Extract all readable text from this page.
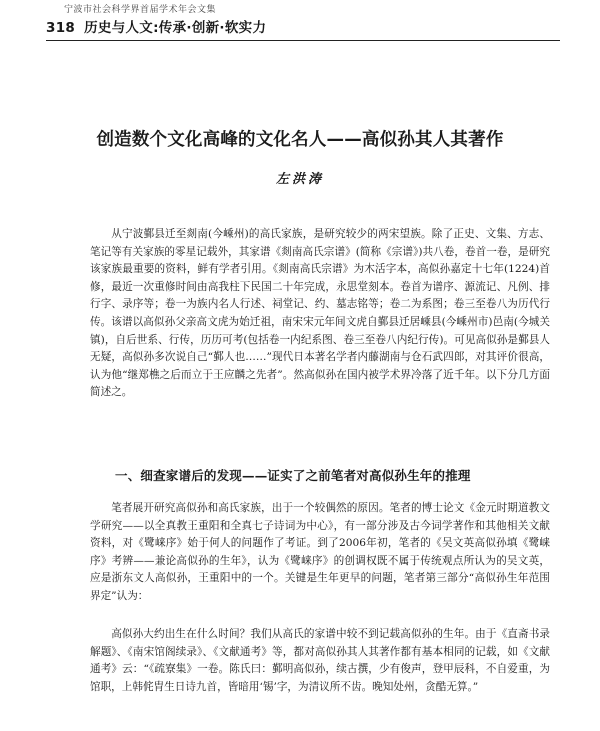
宁波市社会科学界首届学术年会文集
318 历史与人文:传承·创新·软实力
创造数个文化高峰的文化名人——高似孙其人其著作
左洪涛

从宁波鄞县迁至剡南(今嵊州)的高氏家族，是研究较少的两宋望族。除了正史、文集、方志、笔记等有关家族的零星记载外，其家谱《剡南高氏宗谱》(简称《宗谱》)共八卷，卷首一卷，是研究该家族最重要的资料，鲜有学者引用。《剡南高氏宗谱》为木活字本，高似孙嘉定十七年(1224)首修，最近一次重修时间由高我柱下民国二十年完成，永思堂刻本。卷首为谱序、源流记、凡例、排行字、录序等；卷一为族内名人行述、祠堂记、约、墓志铭等；卷二为系图；卷三至卷八为历代行传。该谱以高似孙父亲高文虎为始迁祖，南宋宋元年间文虎自鄞县迁居嵊县(今嵊州市)邑南(今城关镇)，自后世系、行传，历历可考(包括卷一内纪系图、卷三至卷八内纪行传)。可见高似孙是鄞县人无疑，高似孙多次说自己“鄞人也……”现代日本著名学者内藤湖南与仓石武四郎，对其评价很高，认为他“继郑樵之后而立于王应麟之先者”。然高似孙在国内被学术界冷落了近千年。以下分几方面简述之。

一、细查家谱后的发现——证实了之前笔者对高似孙生年的推理

笔者展开研究高似孙和高氏家族，出于一个较偶然的原因。笔者的博士论文《金元时期道教文学研究——以全真教王重阳和全真七子诗词为中心》，有一部分涉及古今词学著作和其他相关文献资料，对《鹭崃序》始于何人的问题作了考证。到了2006年初，笔者的《吴文英高似孙填《鹭崃序》考辨——兼论高似孙的生年》，认为《鹭崃序》的创调权既不属于传统观点所认为的吴文英，应是浙东文人高似孙，王重阳中的一个。关键是生年更早的问题，笔者第三部分“高似孙生年范围界定”认为：

高似孙大约出生在什么时间？我们从高氏的家谱中较不到记载高似孙的生年。由于《直斋书录解题》、《南宋馆阁续录》、《文献通考》等，都对高似孙其人其著作都有基本相同的记载，如《文献通考》云：“《疏寮集》一卷。陈氏曰：鄞明高似孙，续古撰，少有俊声，登甲辰科，不自爱重，为馆职，上韩侂胄生日诗九首，皆暗用‘锡’字，为清议所不齿。晚知处州，贪酷无算。”
